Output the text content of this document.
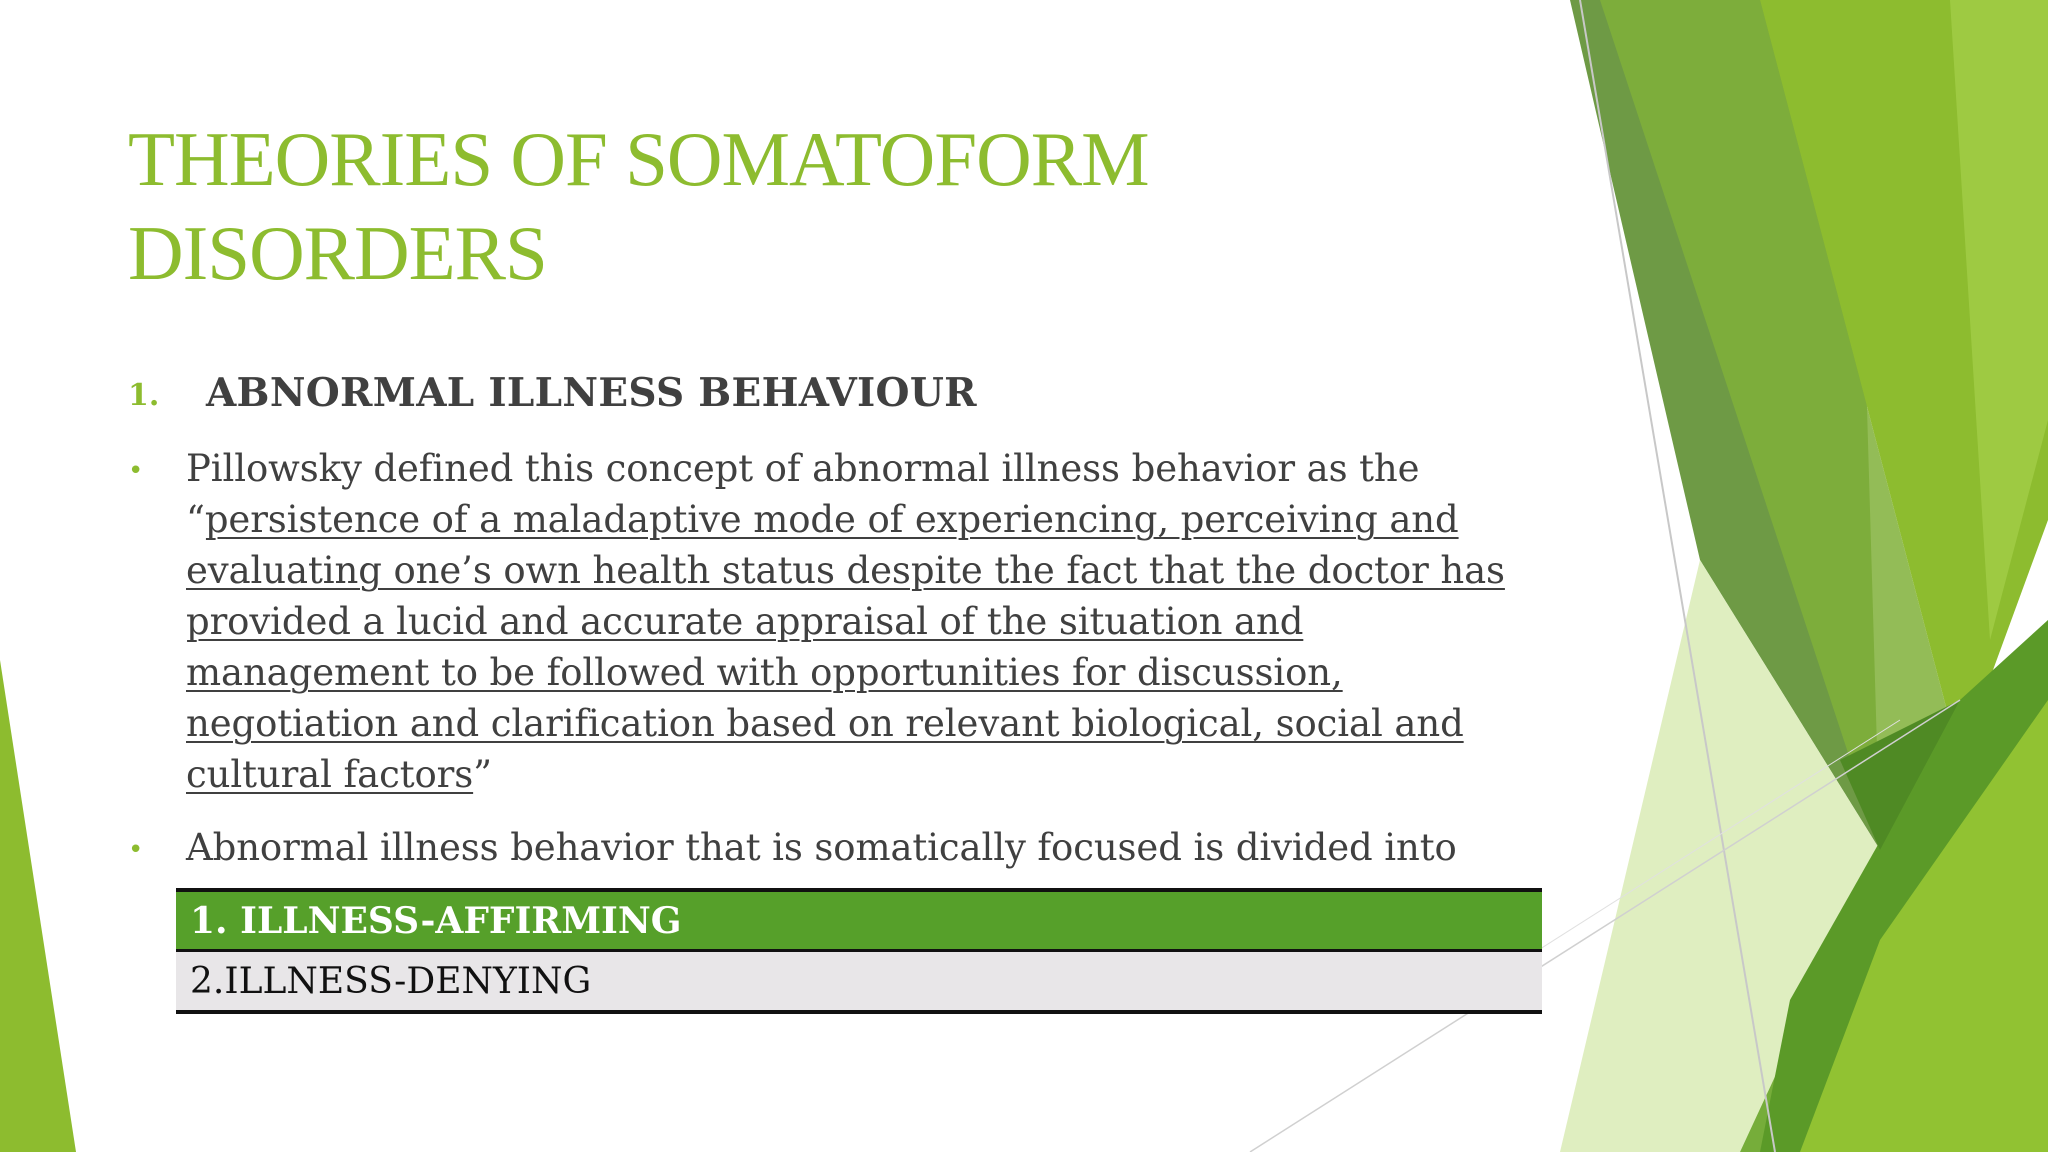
THEORIES OF SOMATOFORM DISORDERS
1. ABNORMAL ILLNESS BEHAVIOUR
• Pillowsky defined this concept of abnormal illness behavior as the “persistence of a maladaptive mode of experiencing, perceiving and evaluating one’s own health status despite the fact that the doctor has provided a lucid and accurate appraisal of the situation and management to be followed with opportunities for discussion, negotiation and clarification based on relevant biological, social and cultural factors”

• Abnormal illness behavior that is somatically focused is divided into

1. ILLNESS-AFFIRMING
2.ILLNESS-DENYING
